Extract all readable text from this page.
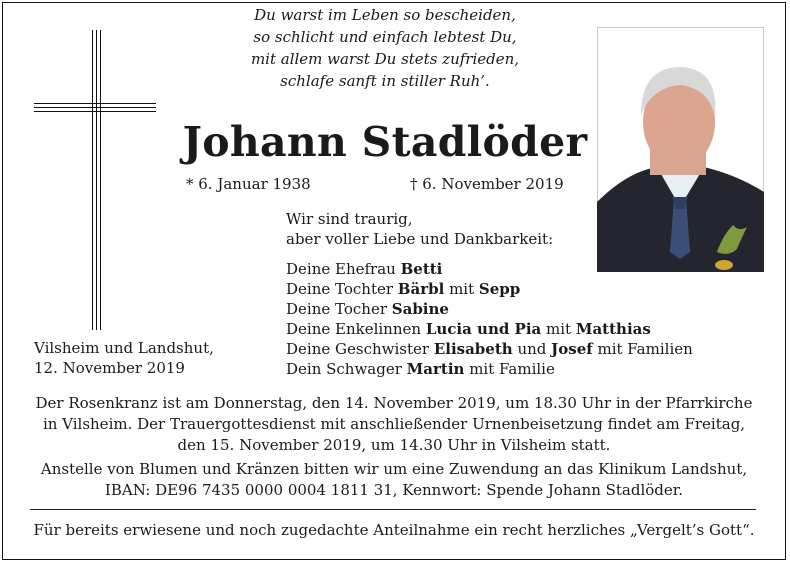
Du warst im Leben so bescheiden,
so schlicht und einfach lebtest Du,
mit allem warst Du stets zufrieden,
schlafe sanft in stiller Ruh’.
Johann Stadlöder
* 6. Januar 1938	† 6. November 2019
Wir sind traurig,
aber voller Liebe und Dankbarkeit:
Deine Ehefrau Betti
Deine Tochter Bärbl mit Sepp
Deine Tocher Sabine
Deine Enkelinnen Lucia und Pia mit Matthias
Deine Geschwister Elisabeth und Josef mit Familien
Dein Schwager Martin mit Familie
Vilsheim und Landshut,
12. November 2019
Der Rosenkranz ist am Donnerstag, den 14. November 2019, um 18.30 Uhr in der Pfarrkirche
in Vilsheim. Der Trauergottesdienst mit anschließender Urnenbeisetzung findet am Freitag,
den 15. November 2019, um 14.30 Uhr in Vilsheim statt.
Anstelle von Blumen und Kränzen bitten wir um eine Zuwendung an das Klinikum Landshut,
IBAN: DE96 7435 0000 0004 1811 31, Kennwort: Spende Johann Stadlöder.
Für bereits erwiesene und noch zugedachte Anteilnahme ein recht herzliches „Vergelt’s Gott“.
